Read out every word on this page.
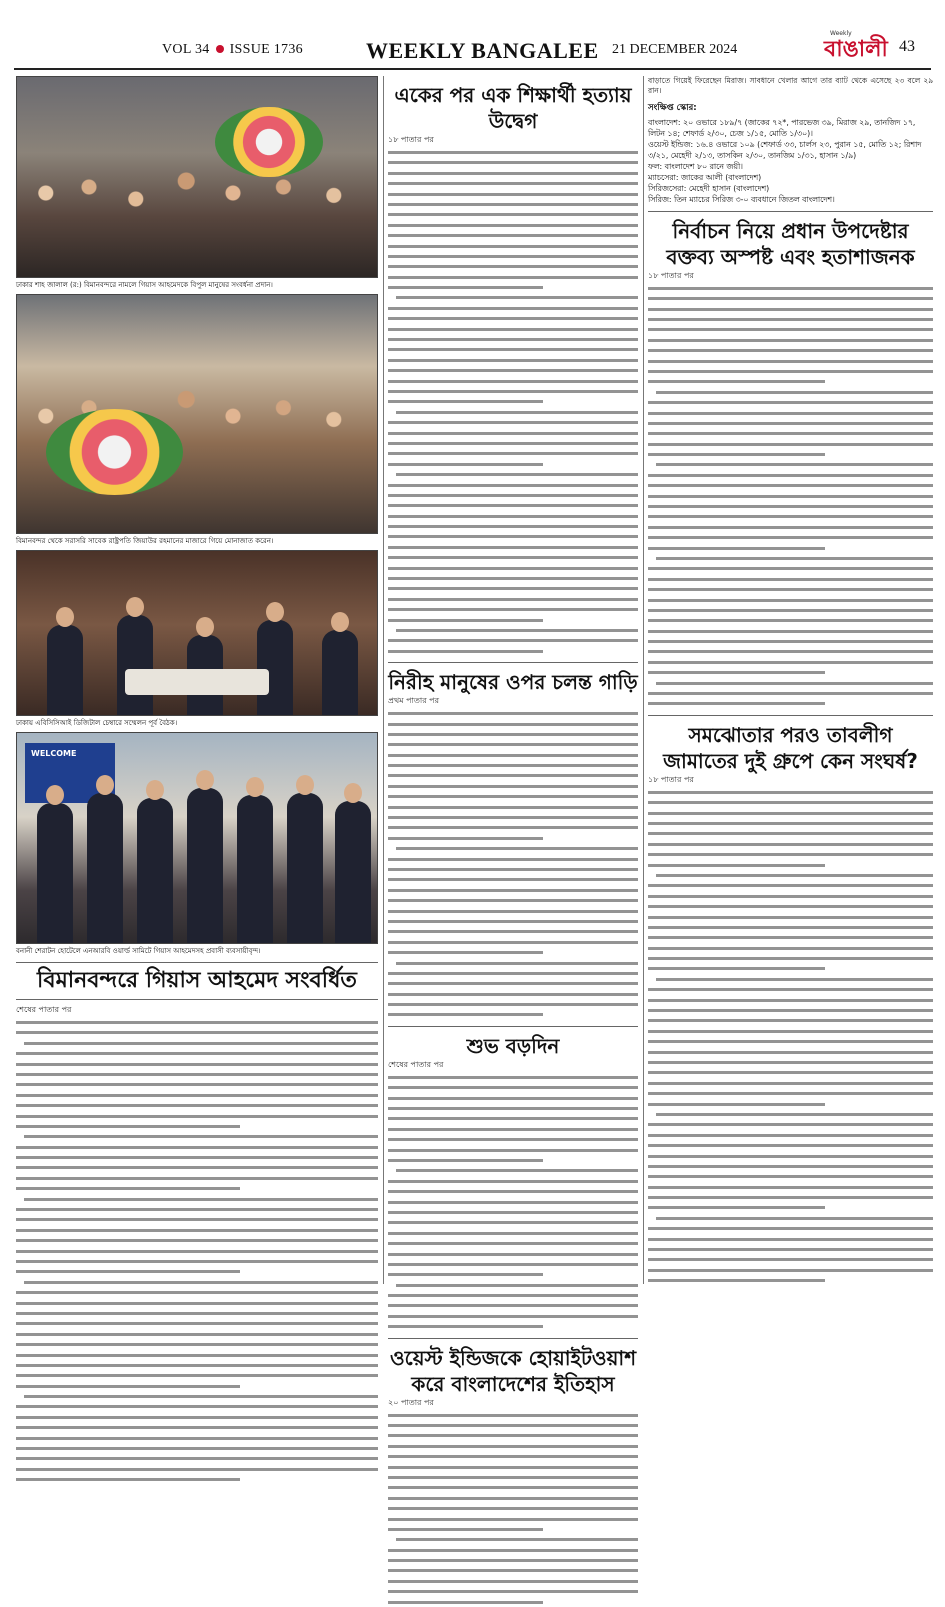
VOL 34 ISSUE 1736	WEEKLY BANGALEE 21 DECEMBER 2024
Weekly
বাঙালী 43
ঢাকার শাহ জালাল (র:) বিমানবন্দরে নামলে গিয়াস আহমেদকে বিপুল মানুষের সংবর্ধনা প্রদান।
বিমানবন্দর থেকে সরাসরি সাবেক রাষ্ট্রপতি জিয়াউর রহমানের মাজারে গিয়ে মোনাজাত করেন।
ঢাকায় এবিসিসিআই ডিজিটাল চেম্বারে সম্মেলন পূর্ব বৈঠক।
WELCOME
বনানী শেরাটন হোটেলে এনআরবি ওয়ার্ল্ড সামিটে গিয়াস আহমেদসহ প্রবাসী ব্যবসায়ীবৃন্দ।
বিমানবন্দরে গিয়াস আহমেদ সংবর্ধিত
শেষের পাতার পর
একের পর এক শিক্ষার্থী হত্যায় উদ্বেগ
১৮ পাতার পর
নিরীহ মানুষের ওপর চলন্ত গাড়ি
প্রথম পাতার পর
শুভ বড়দিন
শেষের পাতার পর
ওয়েস্ট ইন্ডিজকে হোয়াইটওয়াশ করে বাংলাদেশের ইতিহাস
২০ পাতার পর
বাড়াতে গিয়েই ফিরেছেন মিরাজ। সাবধানে খেলার আগে তার ব্যাট থেকে এসেছে ২৩ বলে ২৯ রান।
সংক্ষিপ্ত স্কোর:
বাংলাদেশ: ২০ ওভারে ১৮৯/৭ (জাকের ৭২*, পারভেজ ৩৯, মিরাজ ২৯, তানজিদ ১৭, লিটন ১৪; শেফার্ড ২/৩০, চেজ ১/১৫, মোতি ১/৩০)।
ওয়েস্ট ইন্ডিজ: ১৬.৪ ওভারে ১০৯ (শেফার্ড ৩৩, চার্লস ২৩, পুরান ১৫, মোতি ১২; রিশাদ ৩/২১, মেহেদী ২/১৩, তাসকিন ২/৩০, তানজিম ১/৩১, হাসান ১/৯)
ফল: বাংলাদেশ ৮০ রানে জয়ী।
ম্যাচসেরা: জাকের আলী (বাংলাদেশ)
সিরিজসেরা: মেহেদী হাসান (বাংলাদেশ)
সিরিজ: তিন ম্যাচের সিরিজ ৩-০ ব্যবধানে জিতল বাংলাদেশ।
নির্বাচন নিয়ে প্রধান উপদেষ্টার বক্তব্য অস্পষ্ট এবং হতাশাজনক
১৮ পাতার পর
সমঝোতার পরও তাবলীগ জামাতের দুই গ্রুপে কেন সংঘর্ষ?
১৮ পাতার পর
